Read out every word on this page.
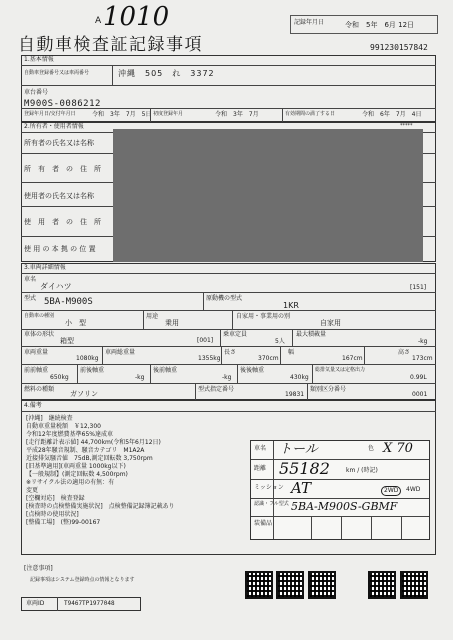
A 1010	記録年月日	令和　5年　6月 12日
自動車検査証記録事項	991230157842
1.基本情報
自動車登録番号又は車両番号	沖縄　505　れ　3372
車台番号
M900S-0086212
登録年月日/交付年月日	令和　3年　7月　5日 初度登録年月	令和　3年　7月	有効期間の満了する日	令和　6年　7月　4日
2.所有者・使用者情報	*****
所有者の氏名又は名称
所　有　者　の　住　所
使用者の氏名又は名称
使　用　者　の　住　所
使 用 の 本 拠 の 位 置
3.車両詳細情報
車名
ダイハツ	[151]
型式 5BA-M900S	原動機の型式
1KR
自動車の種別
小　型
用途
乗用
自家用・事業用の別
自家用
車体の形状
箱型	[001]
乗車定員
5人
最大積載量
-kg
車両重量
1080kg
車両総重量
1355kg
長さ
370cm
幅
167cm
高さ
173cm
前前軸重
650kg
前後軸重
-kg
後前軸重
-kg
後後軸重
430kg
総排気量又は定格出力
0.99L
燃料の種類
ガソリン
型式指定番号
19831
類別区分番号
0001
4.備考
[沖縄]　継続検査
自動車重量税額　￥12,300
令和12年度燃費基準65%達成車
[走行距離計表示値] 44,700km(令和5年6月12日)
平成28年騒音規制、騒音カテゴリ　M1A2A
近接排気騒音値　75dB,測定回転数 3,750rpm
[旧基準適用](車両重量 1000kg以下)
【一般規制】(測定回転数 4,500rpm)
※リサイクル法の適用の有無：有
変更
[空欄対応]　検査登録
[検査時の点検整備実施状況]　点検整備記録簿記載あり
[点検時の使用状況]
[整備工場]　(整)99-00167
車名 トール	色 X 70
距離 55182	km / (時記)
ミッション AT	2WD	4WD
認識・フル型式 5BA-M900S-GBMF
装備品
[注意事項]
記録事項はシステム登録時点の情報となります
車両ID	T9467TP1977048
